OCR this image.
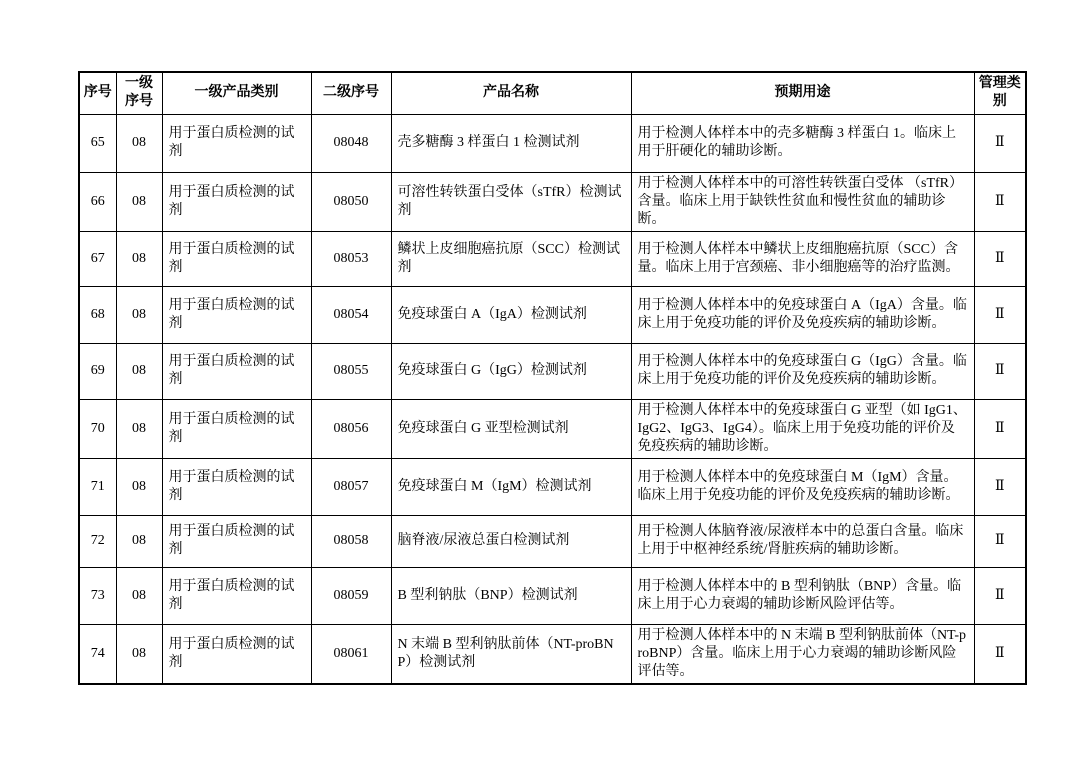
序号	一级序号	一级产品类别	二级序号	产品名称	预期用途	管理类别
65	08	用于蛋白质检测的试剂	08048	壳多糖酶 3 样蛋白 1 检测试剂	用于检测人体样本中的壳多糖酶 3 样蛋白 1。临床上用于肝硬化的辅助诊断。	Ⅱ
66	08	用于蛋白质检测的试剂	08050	可溶性转铁蛋白受体（sTfR）检测试剂	用于检测人体样本中的可溶性转铁蛋白受体 （sTfR）含量。临床上用于缺铁性贫血和慢性贫血的辅助诊断。	Ⅱ
67	08	用于蛋白质检测的试剂	08053	鳞状上皮细胞癌抗原（SCC）检测试剂	用于检测人体样本中鳞状上皮细胞癌抗原（SCC）含量。临床上用于宫颈癌、非小细胞癌等的治疗监测。	Ⅱ
68	08	用于蛋白质检测的试剂	08054	免疫球蛋白 A（IgA）检测试剂	用于检测人体样本中的免疫球蛋白 A（IgA）含量。临床上用于免疫功能的评价及免疫疾病的辅助诊断。	Ⅱ
69	08	用于蛋白质检测的试剂	08055	免疫球蛋白 G（IgG）检测试剂	用于检测人体样本中的免疫球蛋白 G（IgG）含量。临床上用于免疫功能的评价及免疫疾病的辅助诊断。	Ⅱ
70	08	用于蛋白质检测的试剂	08056	免疫球蛋白 G 亚型检测试剂	用于检测人体样本中的免疫球蛋白 G 亚型（如 IgG1、IgG2、IgG3、IgG4）。临床上用于免疫功能的评价及免疫疾病的辅助诊断。	Ⅱ
71	08	用于蛋白质检测的试剂	08057	免疫球蛋白 M（IgM）检测试剂	用于检测人体样本中的免疫球蛋白 M（IgM）含量。临床上用于免疫功能的评价及免疫疾病的辅助诊断。	Ⅱ
72	08	用于蛋白质检测的试剂	08058	脑脊液/尿液总蛋白检测试剂	用于检测人体脑脊液/尿液样本中的总蛋白含量。临床上用于中枢神经系统/肾脏疾病的辅助诊断。	Ⅱ
73	08	用于蛋白质检测的试剂	08059	B 型利钠肽（BNP）检测试剂	用于检测人体样本中的 B 型利钠肽（BNP）含量。临床上用于心力衰竭的辅助诊断风险评估等。	Ⅱ
74	08	用于蛋白质检测的试剂	08061	N 末端 B 型利钠肽前体（NT-proBNP）检测试剂	用于检测人体样本中的 N 末端 B 型利钠肽前体（NT-proBNP）含量。临床上用于心力衰竭的辅助诊断风险评估等。	Ⅱ
